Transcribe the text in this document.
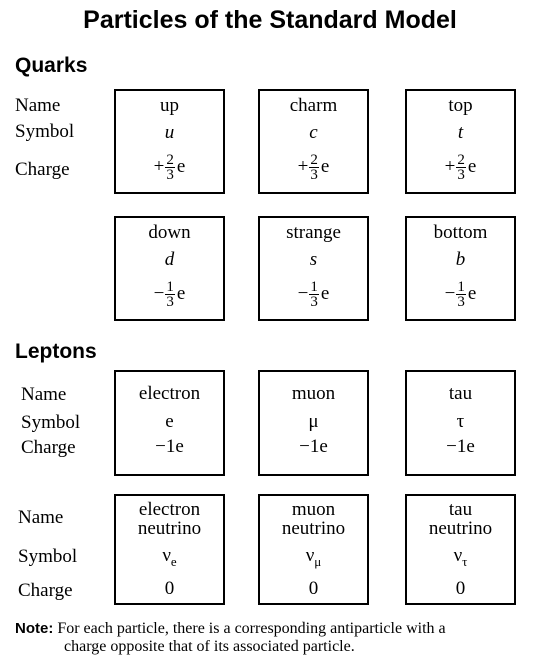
Particles of the Standard Model
Quarks
Name
Symbol
Charge
up
u
+ $\frac{2}{3}$ e
charm
c
+ $\frac{2}{3}$ e
top
t
+ $\frac{2}{3}$ e
down
d
− $\frac{1}{3}$ e
strange
s
− $\frac{1}{3}$ e
bottom
b
− $\frac{1}{3}$ e
Leptons
Name
Symbol
Charge
electron
e
−1e
muon
μ
−1e
tau
τ
−1e
Name
Symbol
Charge
electron
neutrino
$\nu_e$
0
muon
neutrino
$\nu_\mu$
0
tau
neutrino
$\nu_\tau$
0
Note: For each particle, there is a corresponding antiparticle with a
charge opposite that of its associated particle.
